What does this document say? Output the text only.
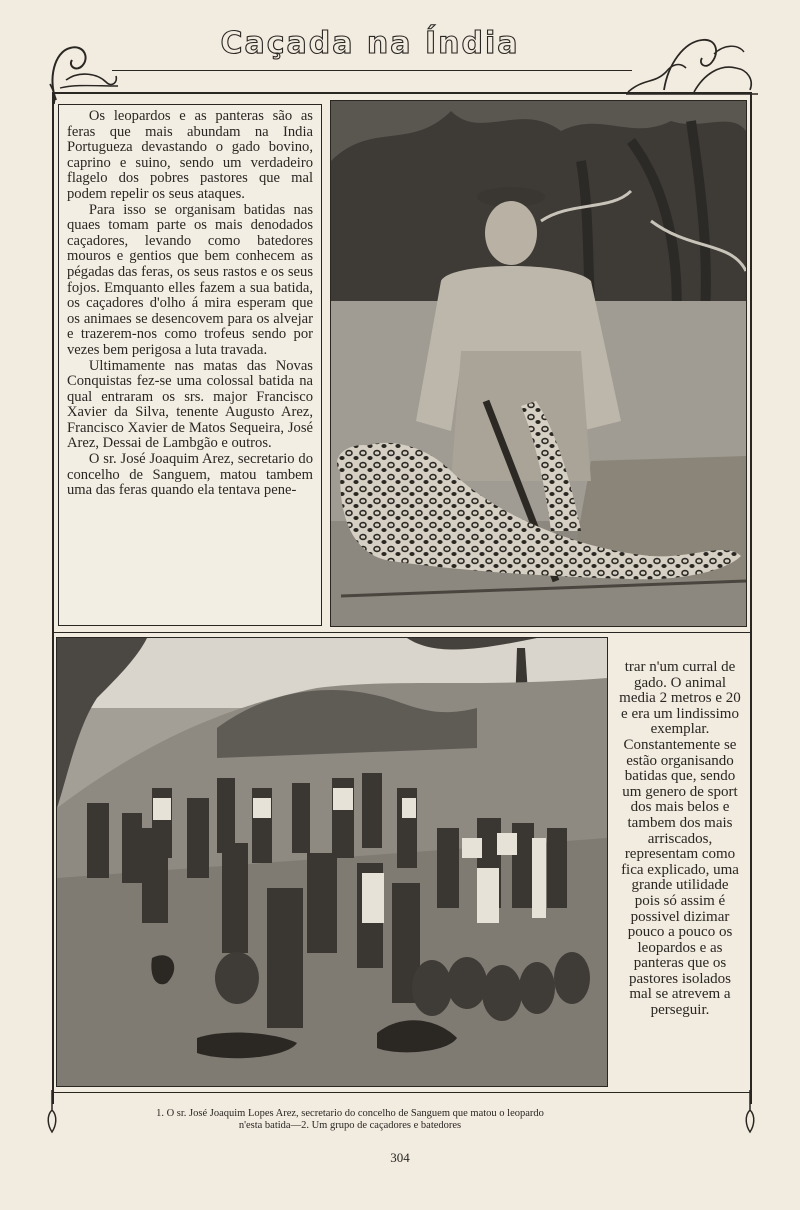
Caçada na Índia

Os leopardos e as panteras são as feras que mais abundam na India Portugueza devastando o gado bovino, caprino e suino, sendo um verdadeiro flagelo dos pobres pastores que mal podem repelir os seus ataques.

Para isso se organisam batidas nas quaes tomam parte os mais denodados caçadores, levando como batedores mouros e gentios que bem conhecem as pégadas das feras, os seus rastos e os seus fojos. Emquanto elles fazem a sua batida, os caçadores d'olho á mira esperam que os animaes se desencovem para os alvejar e trazerem-nos como trofeus sendo por vezes bem perigosa a luta travada.

Ultimamente nas matas das Novas Conquistas fez-se uma colossal batida na qual entraram os srs. major Francisco Xavier da Silva, tenente Augusto Arez, Francisco Xavier de Matos Sequeira, José Arez, Dessai de Lambgão e outros.

O sr. José Joaquim Arez, secretario do concelho de Sanguem, matou tambem uma das feras quando ela tentava pene-

trar n'um curral de gado. O animal media 2 metros e 20 e era um lindissimo exemplar. Constantemente se estão organisando batidas que, sendo um genero de sport dos mais belos e tambem dos mais arriscados, representam como fica explicado, uma grande utilidade pois só assim é possivel dizimar pouco a pouco os leopardos e as panteras que os pastores isolados mal se atrevem a perseguir.

1. O sr. José Joaquim Lopes Arez, secretario do concelho de Sanguem que matou o leopardo
n'esta batida—2. Um grupo de caçadores e batedores
304
